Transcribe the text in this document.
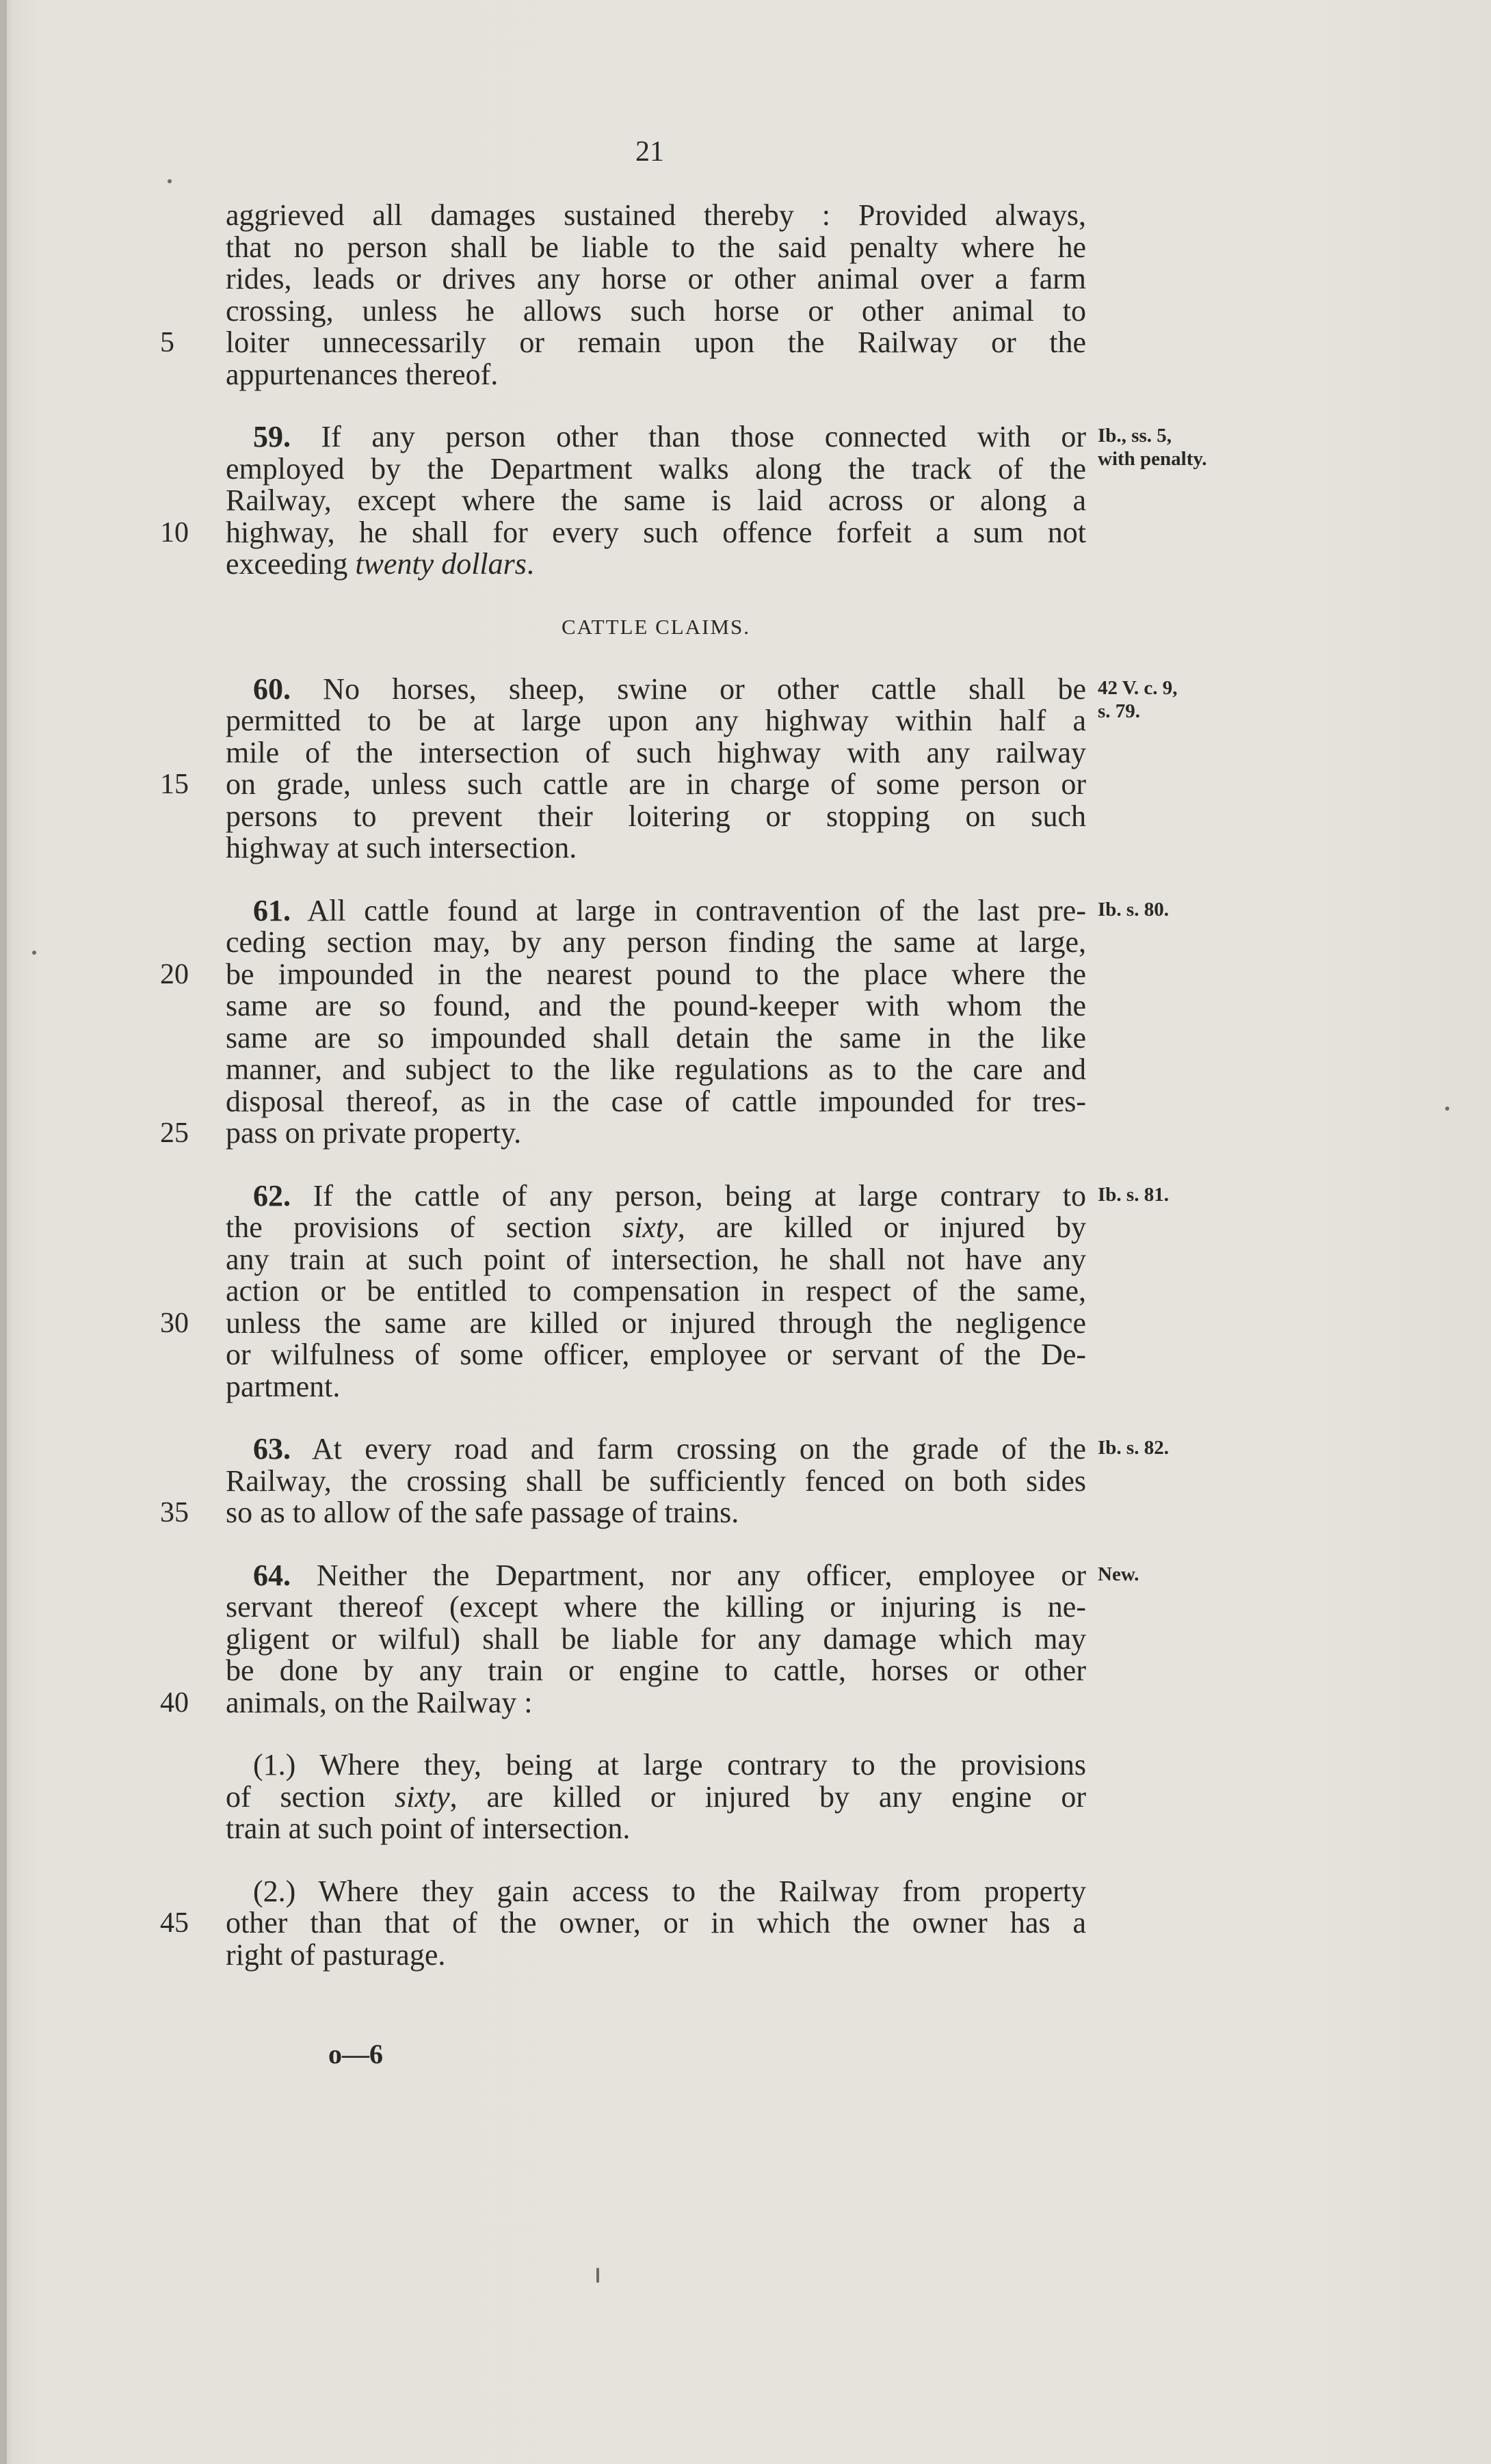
21
aggrieved all damages sustained thereby : Provided always,
that no person shall be liable to the said penalty where he
rides, leads or drives any horse or other animal over a farm
crossing, unless he allows such horse or other animal to
5	loiter unnecessarily or remain upon the Railway or the
appurtenances thereof.
59. If any person other than those connected with or
employed by the Department walks along the track of the
Railway, except where the same is laid across or along a
10	highway, he shall for every such offence forfeit a sum not
exceeding twenty dollars.
Ib., ss. 5,
with penalty.
CATTLE CLAIMS.
60. No horses, sheep, swine or other cattle shall be
permitted to be at large upon any highway within half a
mile of the intersection of such highway with any railway
15	on grade, unless such cattle are in charge of some person or
persons to prevent their loitering or stopping on such
highway at such intersection.
42 V. c. 9,
s. 79.
61. All cattle found at large in contravention of the last pre-
ceding section may, by any person finding the same at large,
20	be impounded in the nearest pound to the place where the
same are so found, and the pound-keeper with whom the
same are so impounded shall detain the same in the like
manner, and subject to the like regulations as to the care and
disposal thereof, as in the case of cattle impounded for tres-
25	pass on private property.
Ib. s. 80.
62. If the cattle of any person, being at large contrary to
the provisions of section sixty, are killed or injured by
any train at such point of intersection, he shall not have any
action or be entitled to compensation in respect of the same,
30	unless the same are killed or injured through the negligence
or wilfulness of some officer, employee or servant of the De-
partment.
Ib. s. 81.
63. At every road and farm crossing on the grade of the
Railway, the crossing shall be sufficiently fenced on both sides
35	so as to allow of the safe passage of trains.
Ib. s. 82.
64. Neither the Department, nor any officer, employee or
servant thereof (except where the killing or injuring is ne-
gligent or wilful) shall be liable for any damage which may
be done by any train or engine to cattle, horses or other
40	animals, on the Railway :
New.
(1.) Where they, being at large contrary to the provisions
of section sixty, are killed or injured by any engine or
train at such point of intersection.
(2.) Where they gain access to the Railway from property
45	other than that of the owner, or in which the owner has a
right of pasturage.
o—6
